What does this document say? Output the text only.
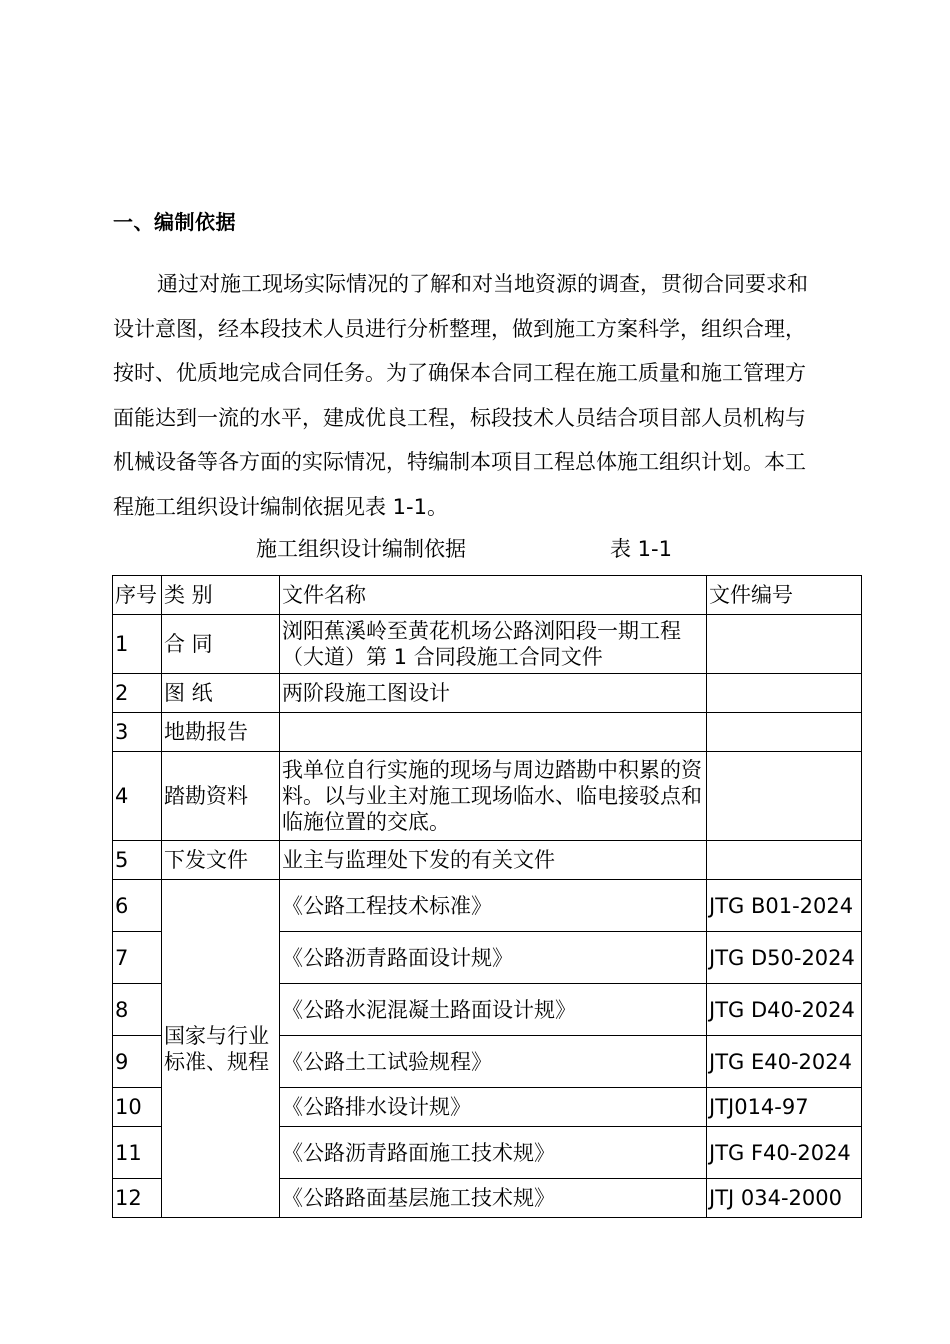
一、编制依据

通过对施工现场实际情况的了解和对当地资源的调查，贯彻合同要求和
设计意图，经本段技术人员进行分析整理，做到施工方案科学，组织合理，
按时、优质地完成合同任务。为了确保本合同工程在施工质量和施工管理方
面能达到一流的水平，建成优良工程，标段技术人员结合项目部人员机构与
机械设备等各方面的实际情况，特编制本项目工程总体施工组织计划。本工
程施工组织设计编制依据见表 1-1。

施工组织设计编制依据	表 1-1
序号	类 别	文件名称	文件编号
1	合 同	浏阳蕉溪岭至黄花机场公路浏阳段一期工程（大道）第 1 合同段施工合同文件	
2	图 纸	两阶段施工图设计	
3	地勘报告		
4	踏勘资料	我单位自行实施的现场与周边踏勘中积累的资料。以与业主对施工现场临水、临电接驳点和临施位置的交底。	
5	下发文件	业主与监理处下发的有关文件	
6	国家与行业标准、规程	《公路工程技术标准》	JTG B01-2024
7		《公路沥青路面设计规》	JTG D50-2024
8		《公路水泥混凝土路面设计规》	JTG D40-2024
9		《公路土工试验规程》	JTG E40-2024
10		《公路排水设计规》	JTJ014-97
11		《公路沥青路面施工技术规》	JTG F40-2024
12		《公路路面基层施工技术规》	JTJ 034-2000
